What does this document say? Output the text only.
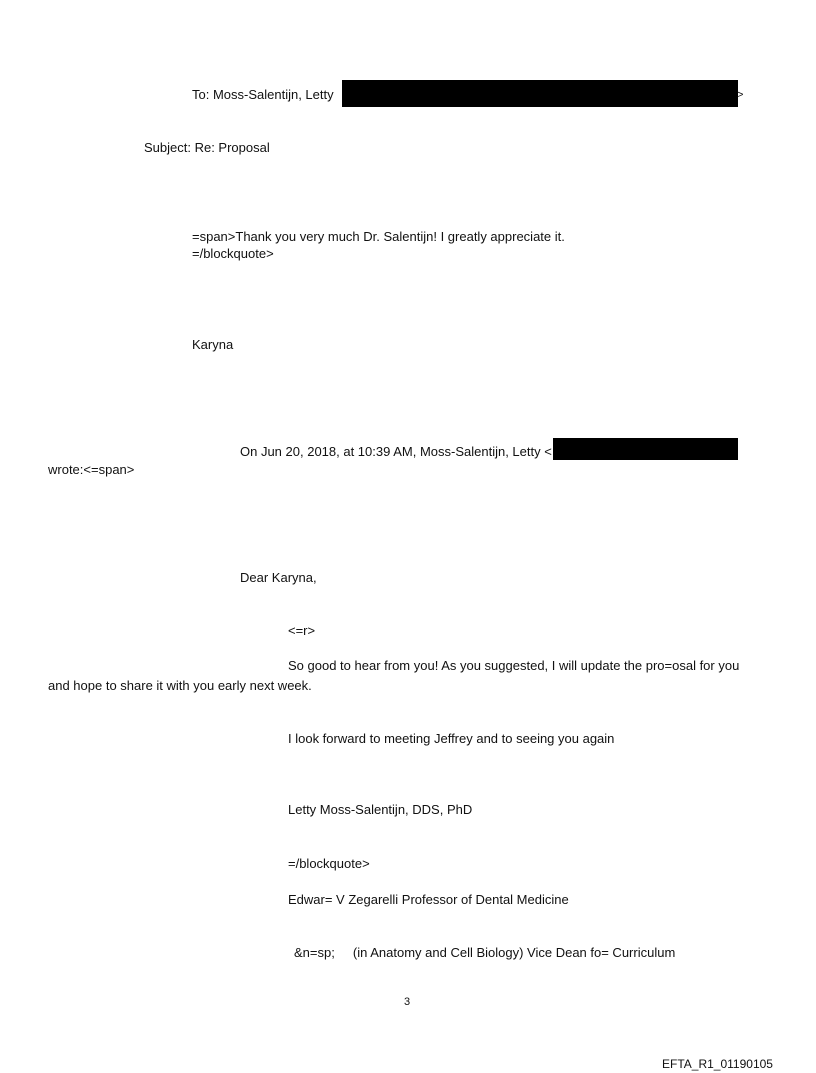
To: Moss-Salentijn, Letty	>
Subject: Re: Proposal
=span>Thank you very much Dr. Salentijn! I greatly appreciate it.
=/blockquote>
Karyna
On Jun 20, 2018, at 10:39 AM, Moss-Salentijn, Letty <
wrote:<=span>
Dear Karyna,
<=r>
So good to hear from you! As you suggested, I will update the pro=osal for you
and hope to share it with you early next week.
I look forward to meeting Jeffrey and to seeing you again
Letty Moss-Salentijn, DDS, PhD
=/blockquote>
Edwar= V Zegarelli Professor of Dental Medicine
&n=sp;     (in Anatomy and Cell Biology) Vice Dean fo= Curriculum
3
EFTA_R1_01190105
